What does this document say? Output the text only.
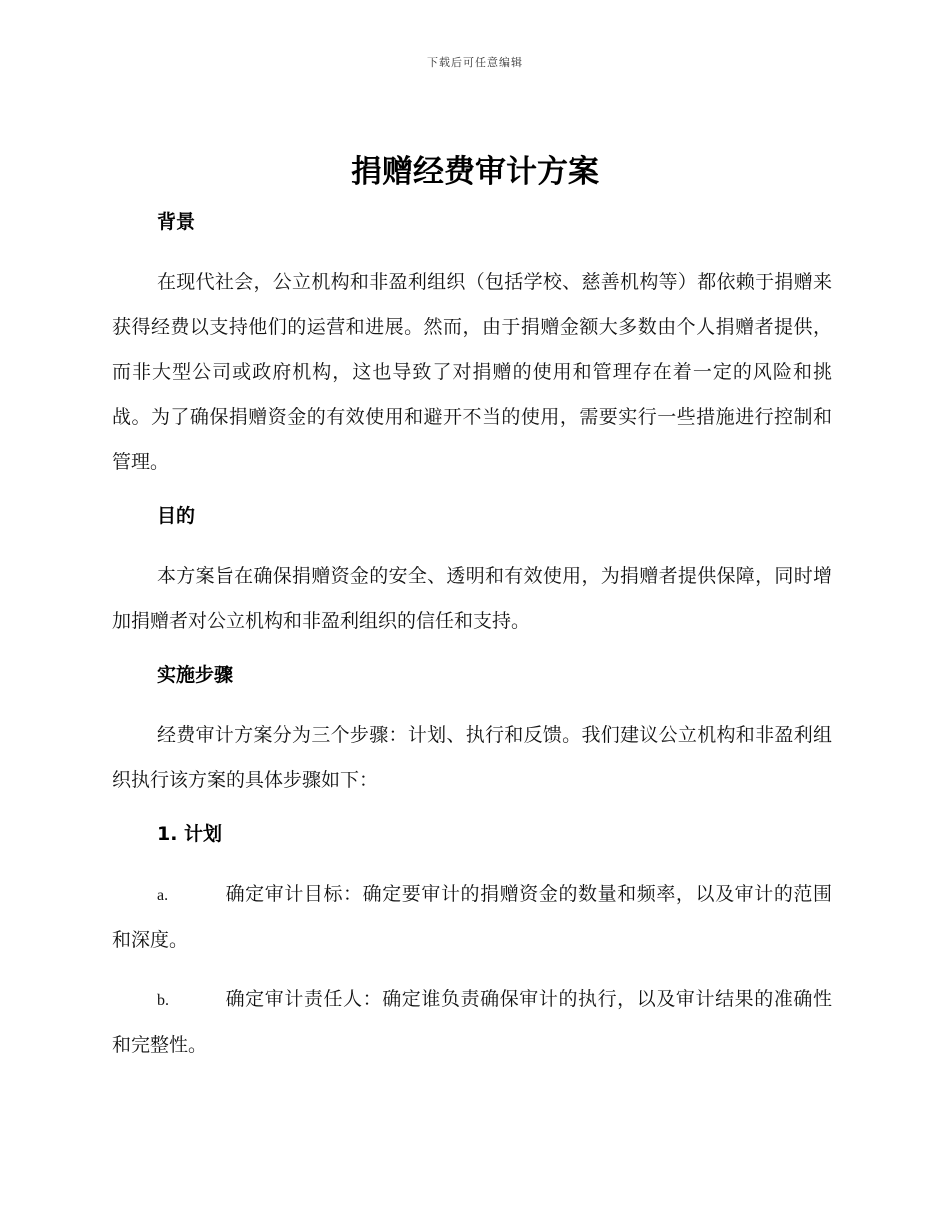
下载后可任意编辑
捐赠经费审计方案
背景

在现代社会，公立机构和非盈利组织（包括学校、慈善机构等）都依赖于捐赠来获得经费以支持他们的运营和进展。然而，由于捐赠金额大多数由个人捐赠者提供，而非大型公司或政府机构，这也导致了对捐赠的使用和管理存在着一定的风险和挑战。为了确保捐赠资金的有效使用和避开不当的使用，需要实行一些措施进行控制和管理。

目的

本方案旨在确保捐赠资金的安全、透明和有效使用，为捐赠者提供保障，同时增加捐赠者对公立机构和非盈利组织的信任和支持。

实施步骤

经费审计方案分为三个步骤：计划、执行和反馈。我们建议公立机构和非盈利组织执行该方案的具体步骤如下：

1. 计划

a.	确定审计目标：确定要审计的捐赠资金的数量和频率，以及审计的范围和深度。

b.	确定审计责任人：确定谁负责确保审计的执行，以及审计结果的准确性和完整性。
